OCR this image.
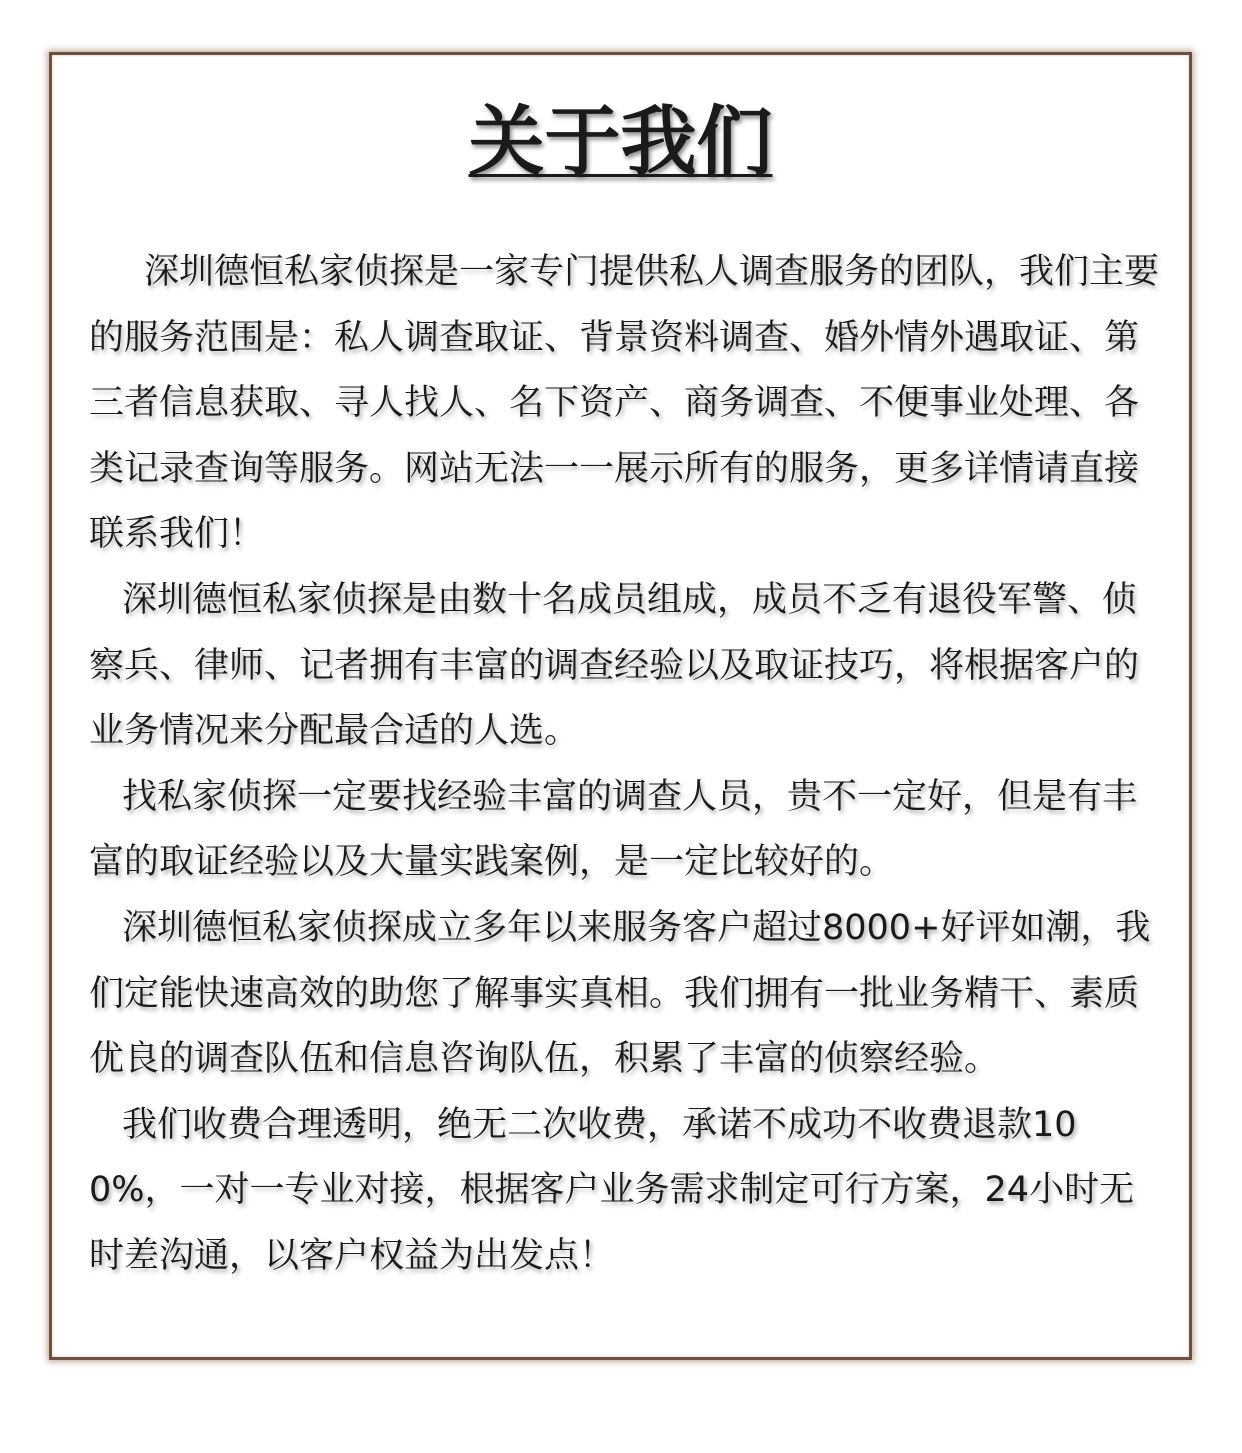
关于我们

深圳德恒私家侦探是一家专门提供私人调查服务的团队，我们主要的服务范围是：私人调查取证、背景资料调查、婚外情外遇取证、第三者信息获取、寻人找人、名下资产、商务调查、不便事业处理、各类记录查询等服务。网站无法一一展示所有的服务，更多详情请直接联系我们！

深圳德恒私家侦探是由数十名成员组成，成员不乏有退役军警、侦察兵、律师、记者拥有丰富的调查经验以及取证技巧，将根据客户的业务情况来分配最合适的人选。

找私家侦探一定要找经验丰富的调查人员，贵不一定好，但是有丰富的取证经验以及大量实践案例，是一定比较好的。

深圳德恒私家侦探成立多年以来服务客户超过8000+好评如潮，我们定能快速高效的助您了解事实真相。我们拥有一批业务精干、素质优良的调查队伍和信息咨询队伍，积累了丰富的侦察经验。

我们收费合理透明，绝无二次收费，承诺不成功不收费退款100%，一对一专业对接，根据客户业务需求制定可行方案，24小时无时差沟通，以客户权益为出发点！
